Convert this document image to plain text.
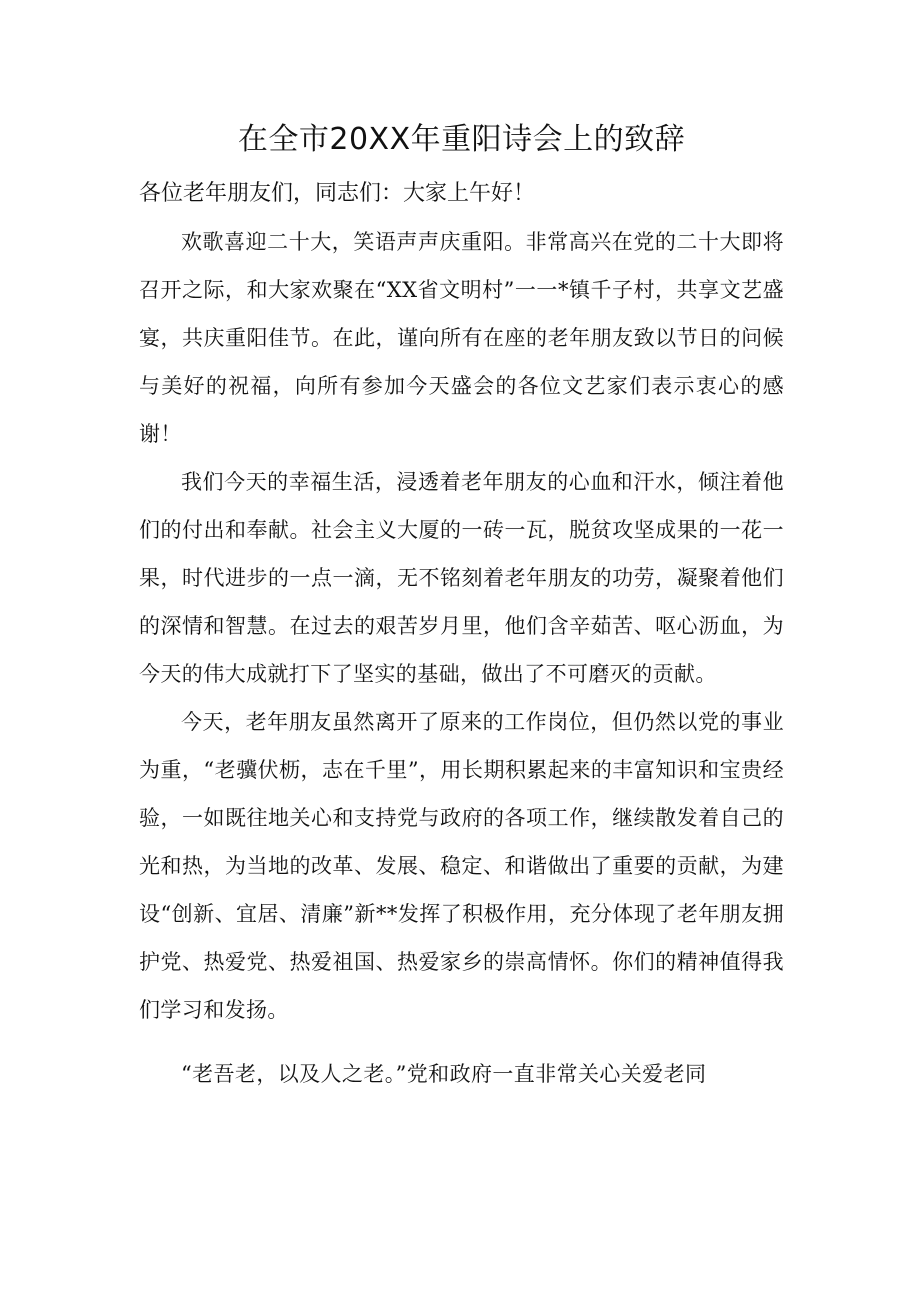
在全市20XX年重阳诗会上的致辞

各位老年朋友们，同志们：大家上午好！

欢歌喜迎二十大，笑语声声庆重阳。非常高兴在党的二十大即将召开之际，和大家欢聚在“XX省文明村”一一*镇千子村，共享文艺盛宴，共庆重阳佳节。在此，谨向所有在座的老年朋友致以节日的问候与美好的祝福，向所有参加今天盛会的各位文艺家们表示衷心的感谢！

我们今天的幸福生活，浸透着老年朋友的心血和汗水，倾注着他们的付出和奉献。社会主义大厦的一砖一瓦，脱贫攻坚成果的一花一果，时代进步的一点一滴，无不铭刻着老年朋友的功劳，凝聚着他们的深情和智慧。在过去的艰苦岁月里，他们含辛茹苦、呕心沥血，为今天的伟大成就打下了坚实的基础，做出了不可磨灭的贡献。

今天，老年朋友虽然离开了原来的工作岗位，但仍然以党的事业为重，“老骥伏枥，志在千里”，用长期积累起来的丰富知识和宝贵经验，一如既往地关心和支持党与政府的各项工作，继续散发着自己的光和热，为当地的改革、发展、稳定、和谐做出了重要的贡献，为建设“创新、宜居、清廉”新**发挥了积极作用，充分体现了老年朋友拥护党、热爱党、热爱祖国、热爱家乡的崇高情怀。你们的精神值得我们学习和发扬。

“老吾老，以及人之老。”党和政府一直非常关心关爱老同
